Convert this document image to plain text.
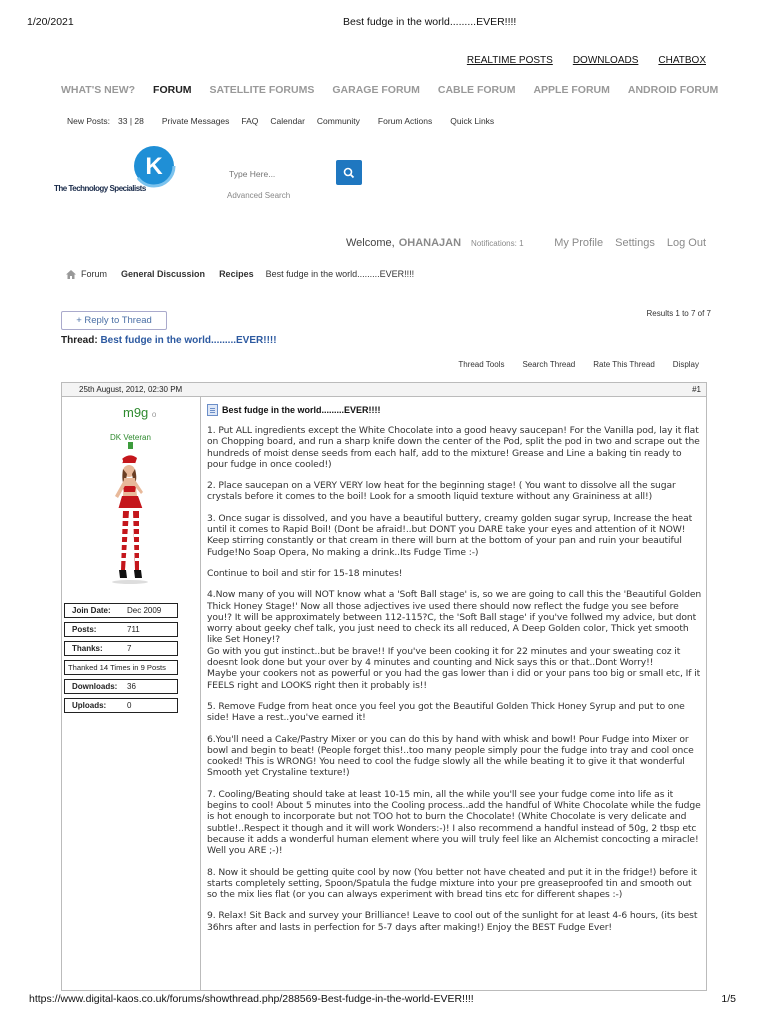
1/20/2021	Best fudge in the world.........EVER!!!!
REALTIME POSTS DOWNLOADS CHATBOX
WHAT'S NEW? FORUM SATELLITE FORUMS GARAGE FORUM CABLE FORUM APPLE FORUM ANDROID FORUM
New Posts: 33 | 28 Private Messages FAQ Calendar Community Forum Actions Quick Links
K
The Technology Specialists
Type Here...
Advanced Search
Welcome, OHANAJAN Notifications: 1	My Profile Settings Log Out
Forum General Discussion Recipes Best fudge in the world.........EVER!!!!
+ Reply to Thread
Results 1 to 7 of 7
Thread: Best fudge in the world.........EVER!!!!
Thread Tools Search Thread Rate This Thread Display
25th August, 2012, 02:30 PM	#1
m9g o
DK Veteran
Join Date:	Dec 2009
Posts:	711
Thanks:	7
Thanked 14 Times in 9 Posts
Downloads:	36
Uploads:	0
Best fudge in the world.........EVER!!!!

1. Put ALL ingredients except the White Chocolate into a good heavy saucepan! For the Vanilla pod, lay it flat on Chopping board, and run a sharp knife down the center of the Pod, split the pod in two and scrape out the hundreds of moist dense seeds from each half, add to the mixture! Grease and Line a baking tin ready to pour fudge in once cooled!)

2. Place saucepan on a VERY VERY low heat for the beginning stage! ( You want to dissolve all the sugar crystals before it comes to the boil! Look for a smooth liquid texture without any Graininess at all!)

3. Once sugar is dissolved, and you have a beautiful buttery, creamy golden sugar syrup, Increase the heat until it comes to Rapid Boil! (Dont be afraid!..but DONT you DARE take your eyes and attention of it NOW! Keep stirring constantly or that cream in there will burn at the bottom of your pan and ruin your beautiful Fudge!No Soap Opera, No making a drink..Its Fudge Time :-)

Continue to boil and stir for 15-18 minutes!

4.Now many of you will NOT know what a 'Soft Ball stage' is, so we are going to call this the 'Beautiful Golden Thick Honey Stage!' Now all those adjectives ive used there should now reflect the fudge you see before you!? It will be approximately between 112-115?C, the 'Soft Ball stage' if you've follwed my advice, but dont worry about geeky chef talk, you just need to check its all reduced, A Deep Golden color, Thick yet smooth like Set Honey!?
Go with you gut instinct..but be brave!! If you've been cooking it for 22 minutes and your sweating coz it doesnt look done but your over by 4 minutes and counting and Nick says this or that..Dont Worry!!
Maybe your cookers not as powerful or you had the gas lower than i did or your pans too big or small etc, If it FEELS right and LOOKS right then it probably is!!

5. Remove Fudge from heat once you feel you got the Beautiful Golden Thick Honey Syrup and put to one side! Have a rest..you've earned it!

6.You'll need a Cake/Pastry Mixer or you can do this by hand with whisk and bowl! Pour Fudge into Mixer or bowl and begin to beat! (People forget this!..too many people simply pour the fudge into tray and cool once cooked! This is WRONG! You need to cool the fudge slowly all the while beating it to give it that wonderful Smooth yet Crystaline texture!)

7. Cooling/Beating should take at least 10-15 min, all the while you'll see your fudge come into life as it begins to cool! About 5 minutes into the Cooling process..add the handful of White Chocolate while the fudge is hot enough to incorporate but not TOO hot to burn the Chocolate! (White Chocolate is very delicate and subtle!..Respect it though and it will work Wonders:-)! I also recommend a handful instead of 50g, 2 tbsp etc because it adds a wonderful human element where you will truly feel like an Alchemist concocting a miracle! Well you ARE ;-)!

8. Now it should be getting quite cool by now (You better not have cheated and put it in the fridge!) before it starts completely setting, Spoon/Spatula the fudge mixture into your pre greaseproofed tin and smooth out so the mix lies flat (or you can always experiment with bread tins etc for different shapes :-)

9. Relax! Sit Back and survey your Brilliance! Leave to cool out of the sunlight for at least 4-6 hours, (its best 36hrs after and lasts in perfection for 5-7 days after making!) Enjoy the BEST Fudge Ever!

https://www.digital-kaos.co.uk/forums/showthread.php/288569-Best-fudge-in-the-world-EVER!!!!	1/5
